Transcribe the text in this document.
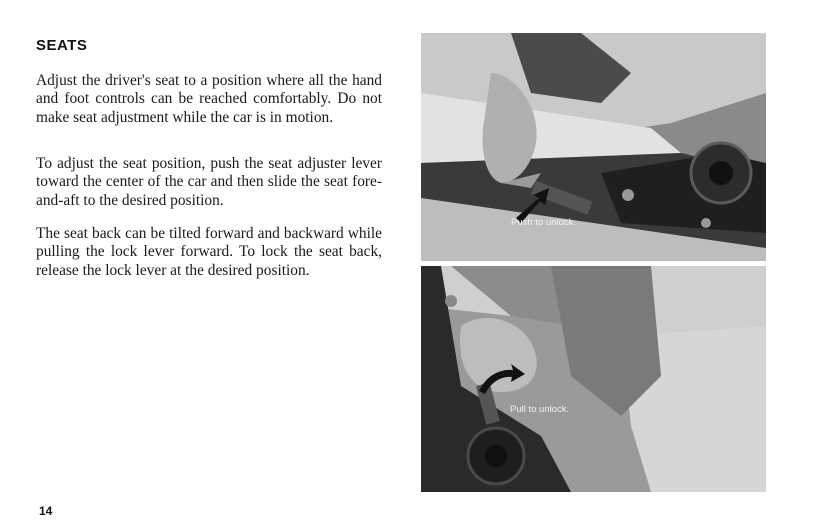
SEATS

Adjust the driver's seat to a position where all the hand and foot controls can be reached comfortably. Do not make seat adjustment while the car is in motion.

To adjust the seat position, push the seat adjuster lever toward the center of the car and then slide the seat fore-and-aft to the desired position.

The seat back can be tilted forward and backward while pulling the lock lever forward. To lock the seat back, release the lock lever at the desired position.

Push to unlock.
Pull to unlock.
14
